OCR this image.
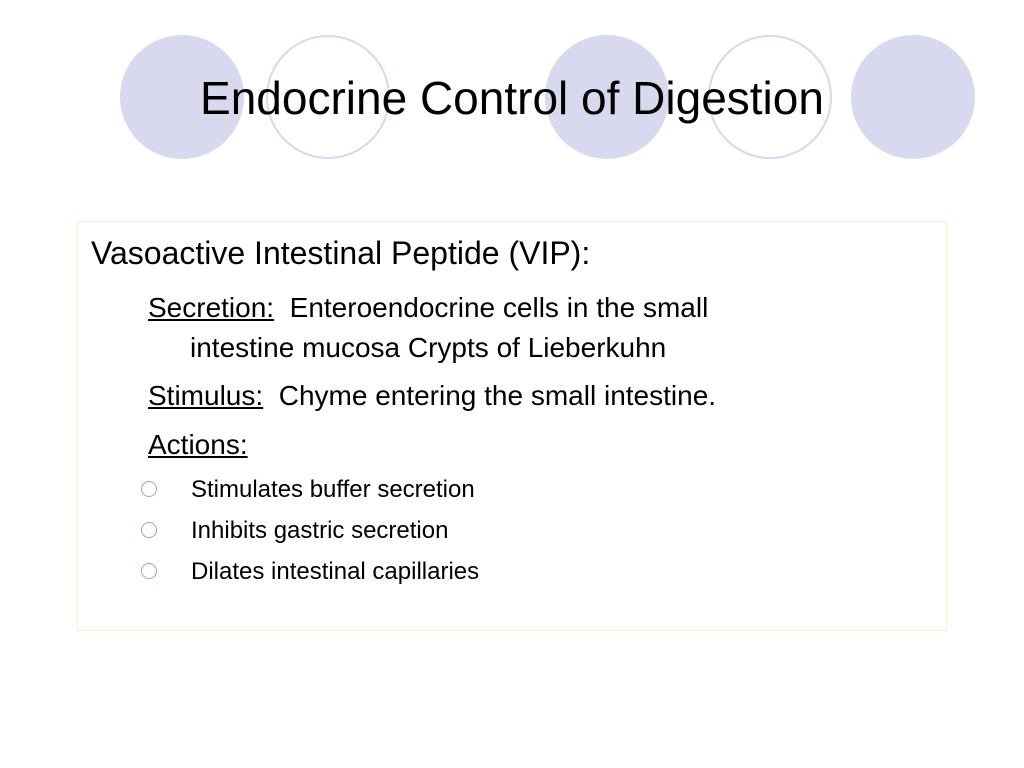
Endocrine Control of Digestion
Vasoactive Intestinal Peptide (VIP):
Secretion: Enteroendocrine cells in the small
intestine mucosa Crypts of Lieberkuhn
Stimulus: Chyme entering the small intestine.
Actions:
Stimulates buffer secretion
Inhibits gastric secretion
Dilates intestinal capillaries
